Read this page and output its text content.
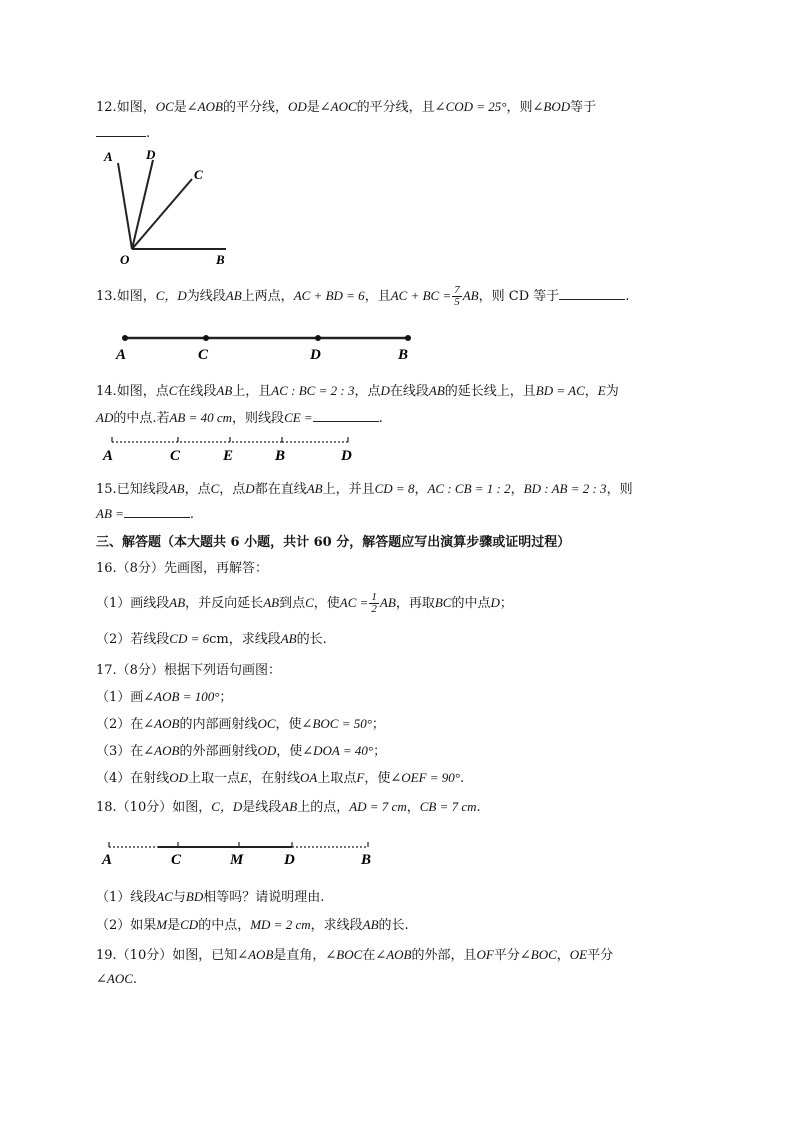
12.如图，OC是∠AOB的平分线，OD是∠AOC的平分线，且∠COD = 25°，则∠BOD等于
.
A	D
C
O	B
13.如图，C，D为线段AB上两点，AC + BD = 6，且AC + BC = $\frac{7}{5}$ AB，则 CD 等于	.
A	C	D	B
14.如图，点C在线段AB上，且AC : BC = 2 : 3，点D在线段AB的延长线上，且BD = AC，E为
AD的中点.若AB = 40 cm，则线段CE =	.
A	C	E	B	D
15.已知线段AB，点C，点D都在直线AB上，并且CD = 8，AC : CB = 1 : 2，BD : AB = 2 : 3，则
AB =	.
三、解答题（本大题共 6 小题，共计 60 分，解答题应写出演算步骤或证明过程）
16.（8分）先画图，再解答：
（1）画线段AB，并反向延长AB到点C，使AC = $\frac{1}{2}$ AB，再取BC的中点D；
（2）若线段CD = 6cm，求线段AB的长.
17.（8分）根据下列语句画图：
（1）画∠AOB = 100°；
（2）在∠AOB的内部画射线OC，使∠BOC = 50°；
（3）在∠AOB的外部画射线OD，使∠DOA = 40°；
（4）在射线OD上取一点E，在射线OA上取点F，使∠OEF = 90°.
18.（10分）如图，C，D是线段AB上的点，AD = 7 cm，CB = 7 cm.
A	C	M	D	B
（1）线段AC与BD相等吗？请说明理由.
（2）如果M是CD的中点，MD = 2 cm，求线段AB的长.
19.（10分）如图，已知∠AOB是直角，∠BOC在∠AOB的外部，且OF平分∠BOC，OE平分
∠AOC.
